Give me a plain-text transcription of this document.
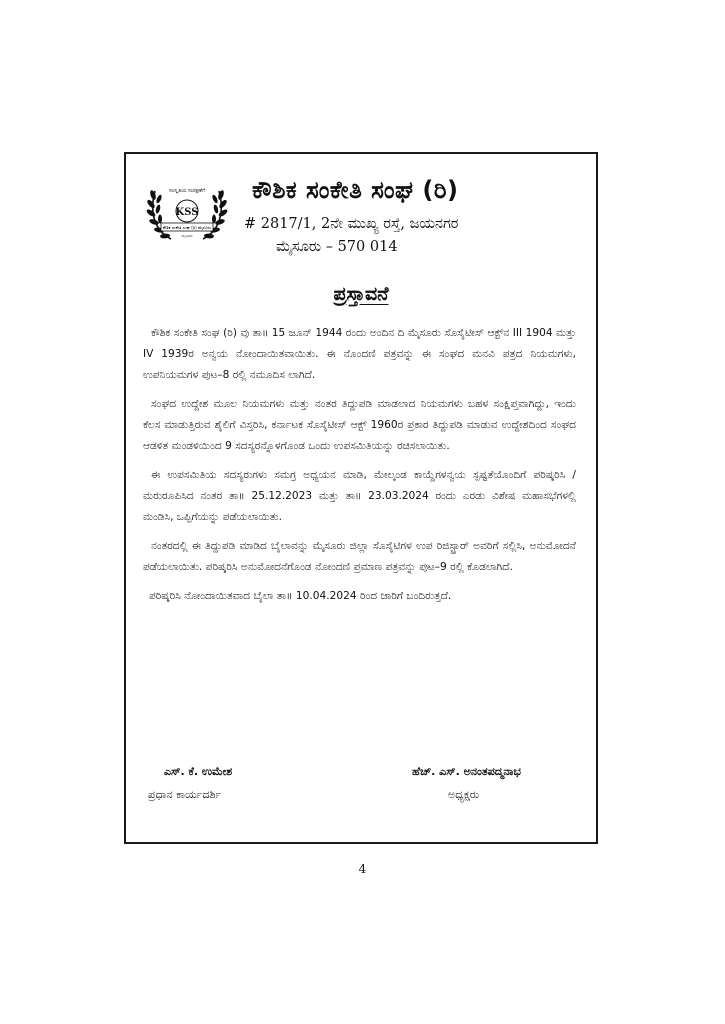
ಸಂಸ್ಕೃತಿಯ ಸಂರಕ್ಷಣೆಗೆ
KSS
ಕೌಶಿಕ ಸಂಕೇತಿ ಸಂಘ (ರಿ) ಮೈಸೂರು
ಮೈಸೂರು
ಕೌಶಿಕ ಸಂಕೇತಿ ಸಂಘ (ರಿ)
# 2817/1, 2ನೇ ಮುಖ್ಯ ರಸ್ತೆ, ಜಯನಗರ
ಮೈಸೂರು – 570 014
ಪ್ರಸ್ತಾವನೆ

ಕೌಶಿಕ ಸಂಕೇತಿ ಸಂಘ (ರಿ) ವು ತಾ॥ 15 ಜೂನ್ 1944 ರಂದು ಅಂದಿನ ದಿ ಮೈಸೂರು ಸೊಸೈಟೀಸ್ ಆಕ್ಟ್‌ನ III 1904 ಮತ್ತು IV 1939ರ ಅನ್ವಯ ನೋಂದಾಯಿತವಾಯಿತು. ಈ ನೊಂದಣಿ ಪತ್ರವನ್ನು ಈ ಸಂಘದ ಮನವಿ ಪತ್ರದ ನಿಯಮಗಳು, ಉಪನಿಯಮಗಳ ಪುಟ–8 ರಲ್ಲಿ ನಮೂದಿಸ ಲಾಗಿದೆ.

ಸಂಘದ ಉದ್ದೇಶ ಮೂಲ ನಿಯಮಗಳು ಮತ್ತು ನಂತರ ತಿದ್ದುಪಡಿ ಮಾಡಲಾದ ನಿಯಮಗಳು ಬಹಳ ಸಂಕ್ಷಿಪ್ತವಾಗಿದ್ದು, ಇಂದು ಕೆಲಸ ಮಾಡುತ್ತಿರುವ ಶೈಲಿಗೆ ವಿಸ್ತರಿಸಿ, ಕರ್ನಾಟಕ ಸೊಸೈಟೀಸ್ ಆಕ್ಟ್ 1960ರ ಪ್ರಕಾರ ತಿದ್ದುಪಡಿ ಮಾಡುವ ಉದ್ದೇಶದಿಂದ ಸಂಘದ ಆಡಳಿತ ಮಂಡಳಿಯಿಂದ 9 ಸದಸ್ಯರನ್ನೊಳಗೊಂಡ ಒಂದು ಉಪಸಮಿತಿಯನ್ನು ರಚಿಸಲಾಯಿತು.

ಈ ಉಪಸಮಿತಿಯ ಸದಸ್ಯರುಗಳು ಸಮಗ್ರ ಅಧ್ಯಯನ ಮಾಡಿ, ಮೇಲ್ಕಂಡ ಕಾಯ್ದೆಗಳನ್ವಯ ಸ್ಪಷ್ಟತೆಯೊಂದಿಗೆ ಪರಿಷ್ಕರಿಸಿ / ಮರುರೂಪಿಸಿದ ನಂತರ ತಾ॥ 25.12.2023 ಮತ್ತು ತಾ॥ 23.03.2024 ರಂದು ಎರಡು ವಿಶೇಷ ಮಹಾಸಭೆಗಳಲ್ಲಿ ಮಂಡಿಸಿ, ಒಪ್ಪಿಗೆಯನ್ನು ಪಡೆಯಲಾಯಿತು.

ನಂತರದಲ್ಲಿ ಈ ತಿದ್ದುಪಡಿ ಮಾಡಿದ ಬೈಲಾವನ್ನು ಮೈಸೂರು ಜಿಲ್ಲಾ ಸೊಸೈಟಿಗಳ ಉಪ ರಿಜಿಸ್ಟ್ರಾರ್ ಅವರಿಗೆ ಸಲ್ಲಿಸಿ, ಅನುಮೋದನೆ ಪಡೆಯಲಾಯಿತು. ಪರಿಷ್ಕರಿಸಿ ಅನುಮೋದನೆಗೊಂಡ ನೋಂದಣಿ ಪ್ರಮಾಣ ಪತ್ರವನ್ನು ಪುಟ–9 ರಲ್ಲಿ ಕೊಡಲಾಗಿದೆ.

ಪರಿಷ್ಕರಿಸಿ ನೋಂದಾಯಿತವಾದ ಬೈಲಾ ತಾ॥ 10.04.2024 ರಿಂದ ಜಾರಿಗೆ ಬಂದಿರುತ್ತದೆ.

ಎಸ್. ಕೆ. ಉಮೇಶ
ಪ್ರಧಾನ ಕಾರ್ಯದರ್ಶಿ
ಹೆಚ್. ಎಸ್. ಅನಂತಪದ್ಮನಾಭ
ಅಧ್ಯಕ್ಷರು
4
